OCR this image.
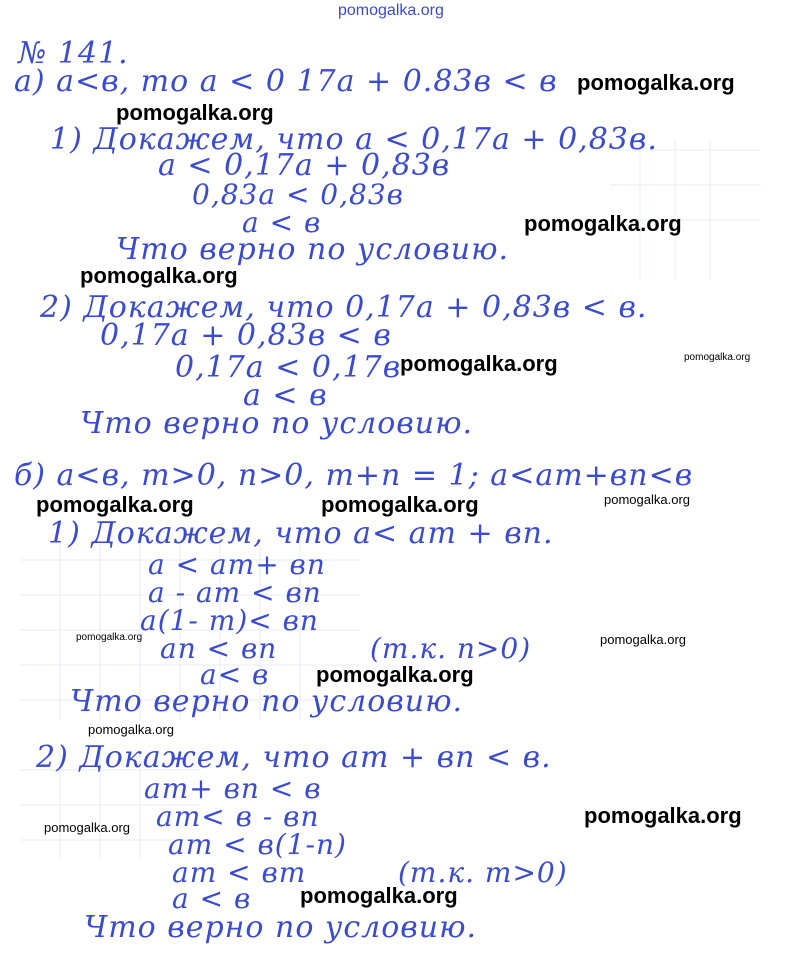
№ 141.
а) a<в, то a < 0 17a + 0.83в < в
1) Докажем, что a < 0,17a + 0,83в.
a < 0,17a + 0,83в
0,83a < 0,83в
a < в
Что верно по условию.
2) Докажем, что 0,17a + 0,83в < в.
0,17a + 0,83в < в
0,17a < 0,17в
a < в
Что верно по условию.
б) a<в, m>0, n>0, m+n = 1; a<am+вn<в
1) Докажем, что a< am + вn.
a < am+ вn
a - am < вn
a(1- m)< вn
an < вn	(т.к. n>0)
a< в
Что верно по условию.
2) Докажем, что am + вn < в.
am+ вn < в
am< в - вn
am < в(1-n)
am < вm	(т.к. m>0)
a < в
Что верно по условию.
pomogalka.org
pomogalka.org
pomogalka.org
pomogalka.org
pomogalka.org
pomogalka.org	pomogalka.org
pomogalka.org	pomogalka.org	pomogalka.org
pomogalka.org	pomogalka.org
pomogalka.org
pomogalka.org
pomogalka.org
pomogalka.org
pomogalka.org
